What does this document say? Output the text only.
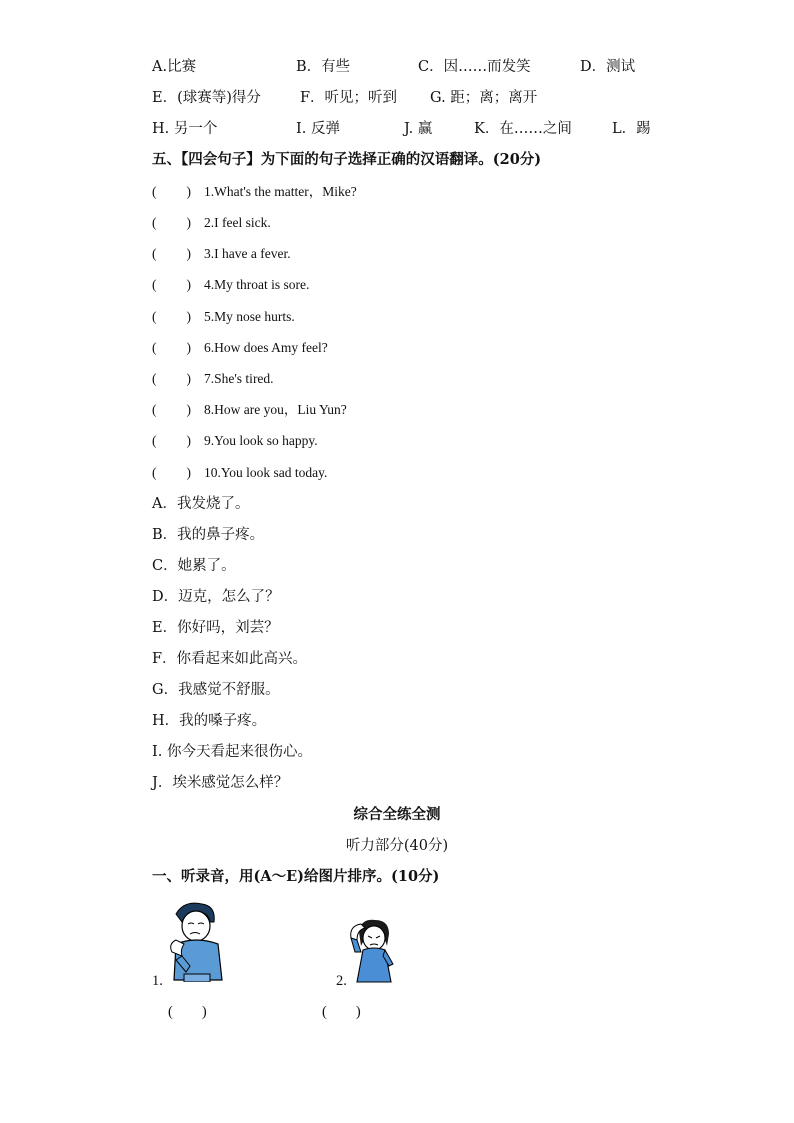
A.比赛	B．有些	C．因……而发笑	D．测试
E．(球赛等)得分	F．听见；听到 G. 距；离；离开
H. 另一个	I. 反弹	J. 赢	K．在……之间	L．踢
五、【四会句子】为下面的句子选择正确的汉语翻译。(20分)
( ) 1.What's the matter，Mike?
( ) 2.I feel sick.
( ) 3.I have a fever.
( ) 4.My throat is sore.
( ) 5.My nose hurts.
( ) 6.How does Amy feel?
( ) 7.She's tired.
( ) 8.How are you，Liu Yun?
( ) 9.You look so happy.
( ) 10.You look sad today.
A．我发烧了。
B．我的鼻子疼。
C．她累了。
D．迈克，怎么了？
E．你好吗，刘芸？
F．你看起来如此高兴。
G．我感觉不舒服。
H．我的嗓子疼。
I. 你今天看起来很伤心。
J．埃米感觉怎么样？
综合全练全测
听力部分(40分)
一、听录音，用(A～E)给图片排序。(10分)
1.
(        )
2.
(        )
